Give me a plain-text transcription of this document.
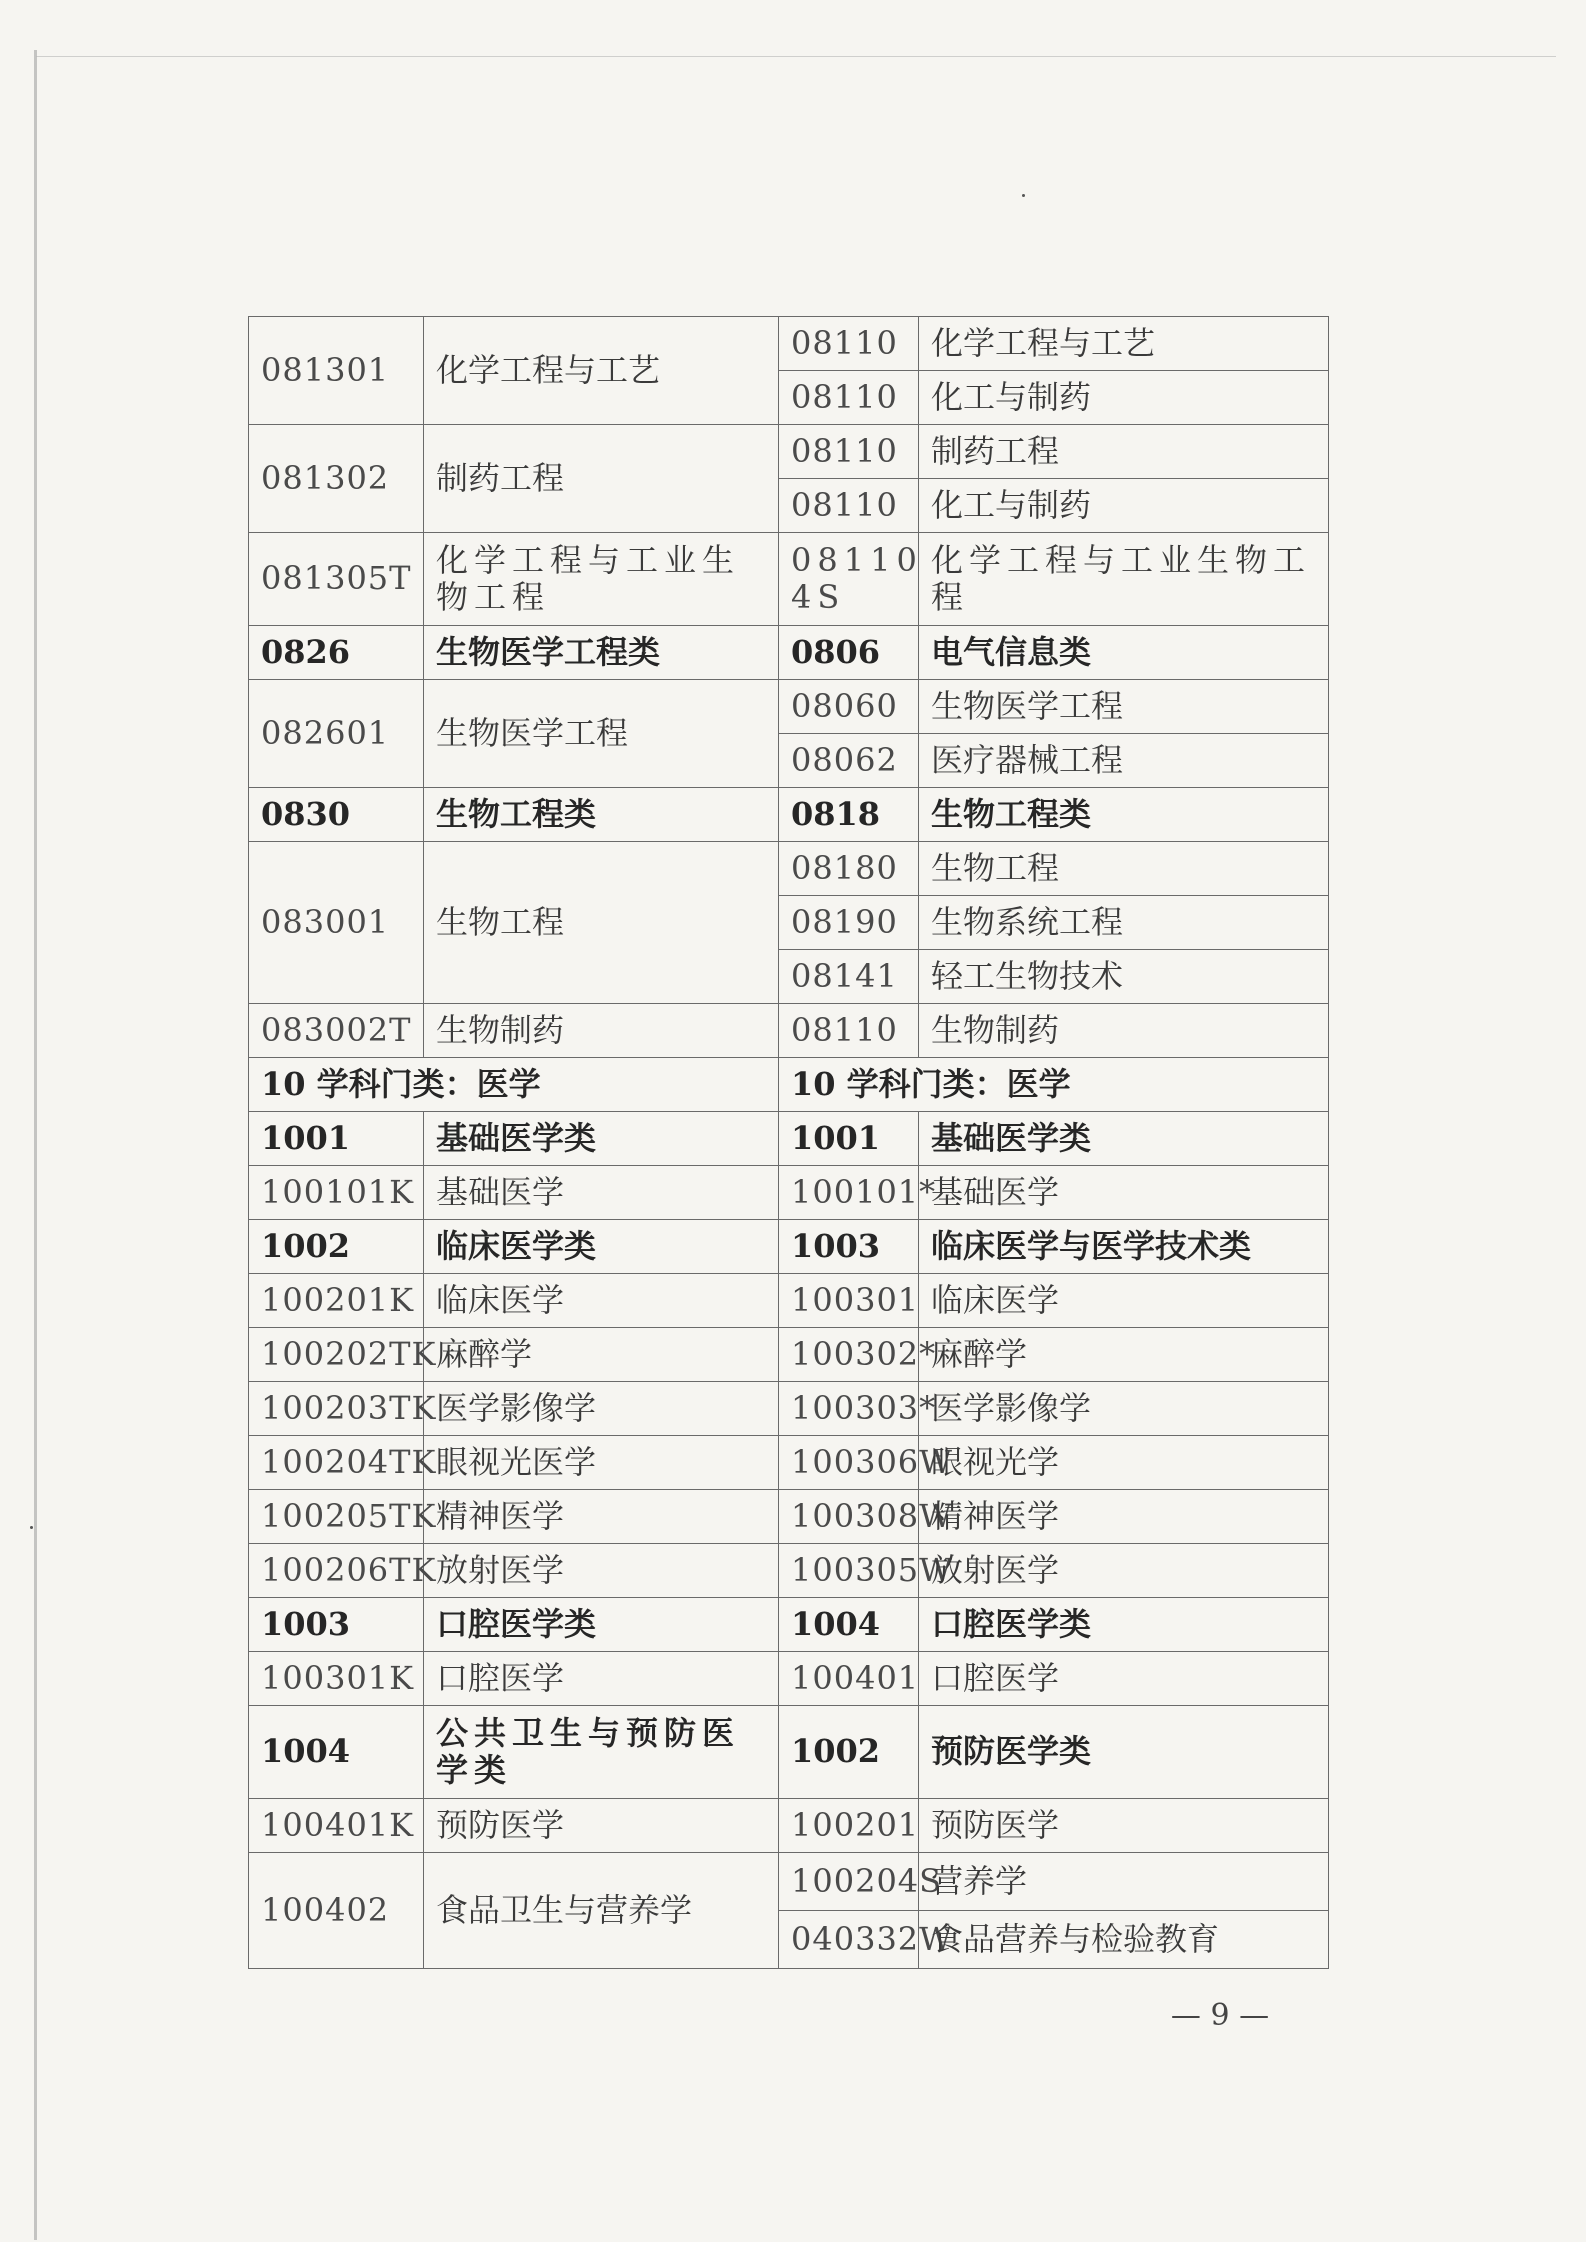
081301	化学工程与工艺	08110	化学工程与工艺
		08110	化工与制药
081302	制药工程	08110	制药工程
		08110	化工与制药
081305T	化学工程与工业生物工程	08110 4S	化学工程与工业生物工程
0826	生物医学工程类	0806	电气信息类
082601	生物医学工程	08060	生物医学工程
		08062	医疗器械工程
0830	生物工程类	0818	生物工程类
083001	生物工程	08180	生物工程
		08190	生物系统工程
		08141	轻工生物技术
083002T	生物制药	08110	生物制药
10 学科门类：医学		10 学科门类：医学	
1001	基础医学类	1001	基础医学类
100101K	基础医学	100101*	基础医学
1002	临床医学类	1003	临床医学与医学技术类
100201K	临床医学	100301	临床医学
100202TK	麻醉学	100302*	麻醉学
100203TK	医学影像学	100303*	医学影像学
100204TK	眼视光医学	100306W	眼视光学
100205TK	精神医学	100308W	精神医学
100206TK	放射医学	100305W	放射医学
1003	口腔医学类	1004	口腔医学类
100301K	口腔医学	100401	口腔医学
1004	公共卫生与预防医学类	1002	预防医学类
100401K	预防医学	100201	预防医学
100402	食品卫生与营养学	100204S	营养学
		040332W	食品营养与检验教育
— 9 —
